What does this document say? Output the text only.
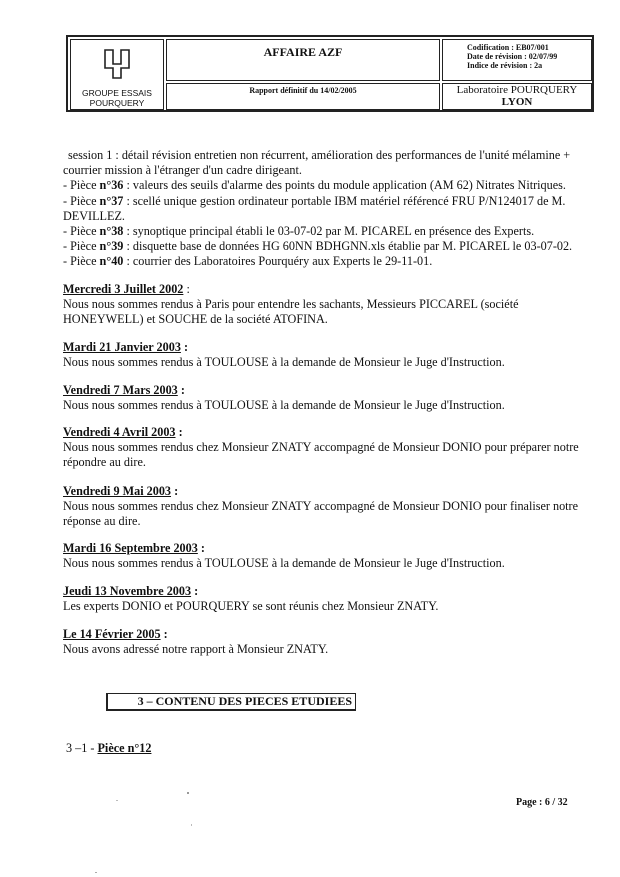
GROUPE ESSAIS
POURQUERY
AFFAIRE AZF
Rapport définitif du 14/02/2005
Codification : EB07/001
Date de révision : 02/07/99
Indice de révision : 2a
Laboratoire POURQUERY
LYON
session 1 : détail révision entretien non récurrent, amélioration des performances de l'unité mélamine +
courrier mission à l'étranger d'un cadre dirigeant.
- Pièce n°36 : valeurs des seuils d'alarme des points du module application (AM 62) Nitrates Nitriques.
- Pièce n°37 : scellé unique gestion ordinateur portable IBM matériel référencé FRU P/N124017 de M.
DEVILLEZ.
- Pièce n°38 : synoptique principal établi le 03-07-02 par M. PICAREL en présence des Experts.
- Pièce n°39 : disquette base de données HG 60NN BDHGNN.xls établie par M. PICAREL le 03-07-02.
- Pièce n°40 : courrier des Laboratoires Pourquéry aux Experts le 29-11-01.
Mercredi 3 Juillet 2002 :
Nous nous sommes rendus à Paris pour entendre les sachants, Messieurs PICCAREL (société
HONEYWELL) et SOUCHE de la société ATOFINA.
Mardi 21 Janvier 2003 :
Nous nous sommes rendus à TOULOUSE à la demande de Monsieur le Juge d'Instruction.
Vendredi 7 Mars 2003 :
Nous nous sommes rendus à TOULOUSE à la demande de Monsieur le Juge d'Instruction.
Vendredi 4 Avril 2003 :
Nous nous sommes rendus chez Monsieur ZNATY accompagné de Monsieur DONIO pour préparer notre
répondre au dire.
Vendredi 9 Mai 2003 :
Nous nous sommes rendus chez Monsieur ZNATY accompagné de Monsieur DONIO pour finaliser notre
réponse au dire.
Mardi 16 Septembre 2003 :
Nous nous sommes rendus à TOULOUSE à la demande de Monsieur le Juge d'Instruction.
Jeudi 13 Novembre 2003 :
Les experts DONIO et POURQUERY se sont réunis chez Monsieur ZNATY.
Le 14 Février 2005 :
Nous avons adressé notre rapport à Monsieur ZNATY.
3 – CONTENU DES PIECES ETUDIEES
3 –1 - Pièce n°12
Page : 6 / 32
